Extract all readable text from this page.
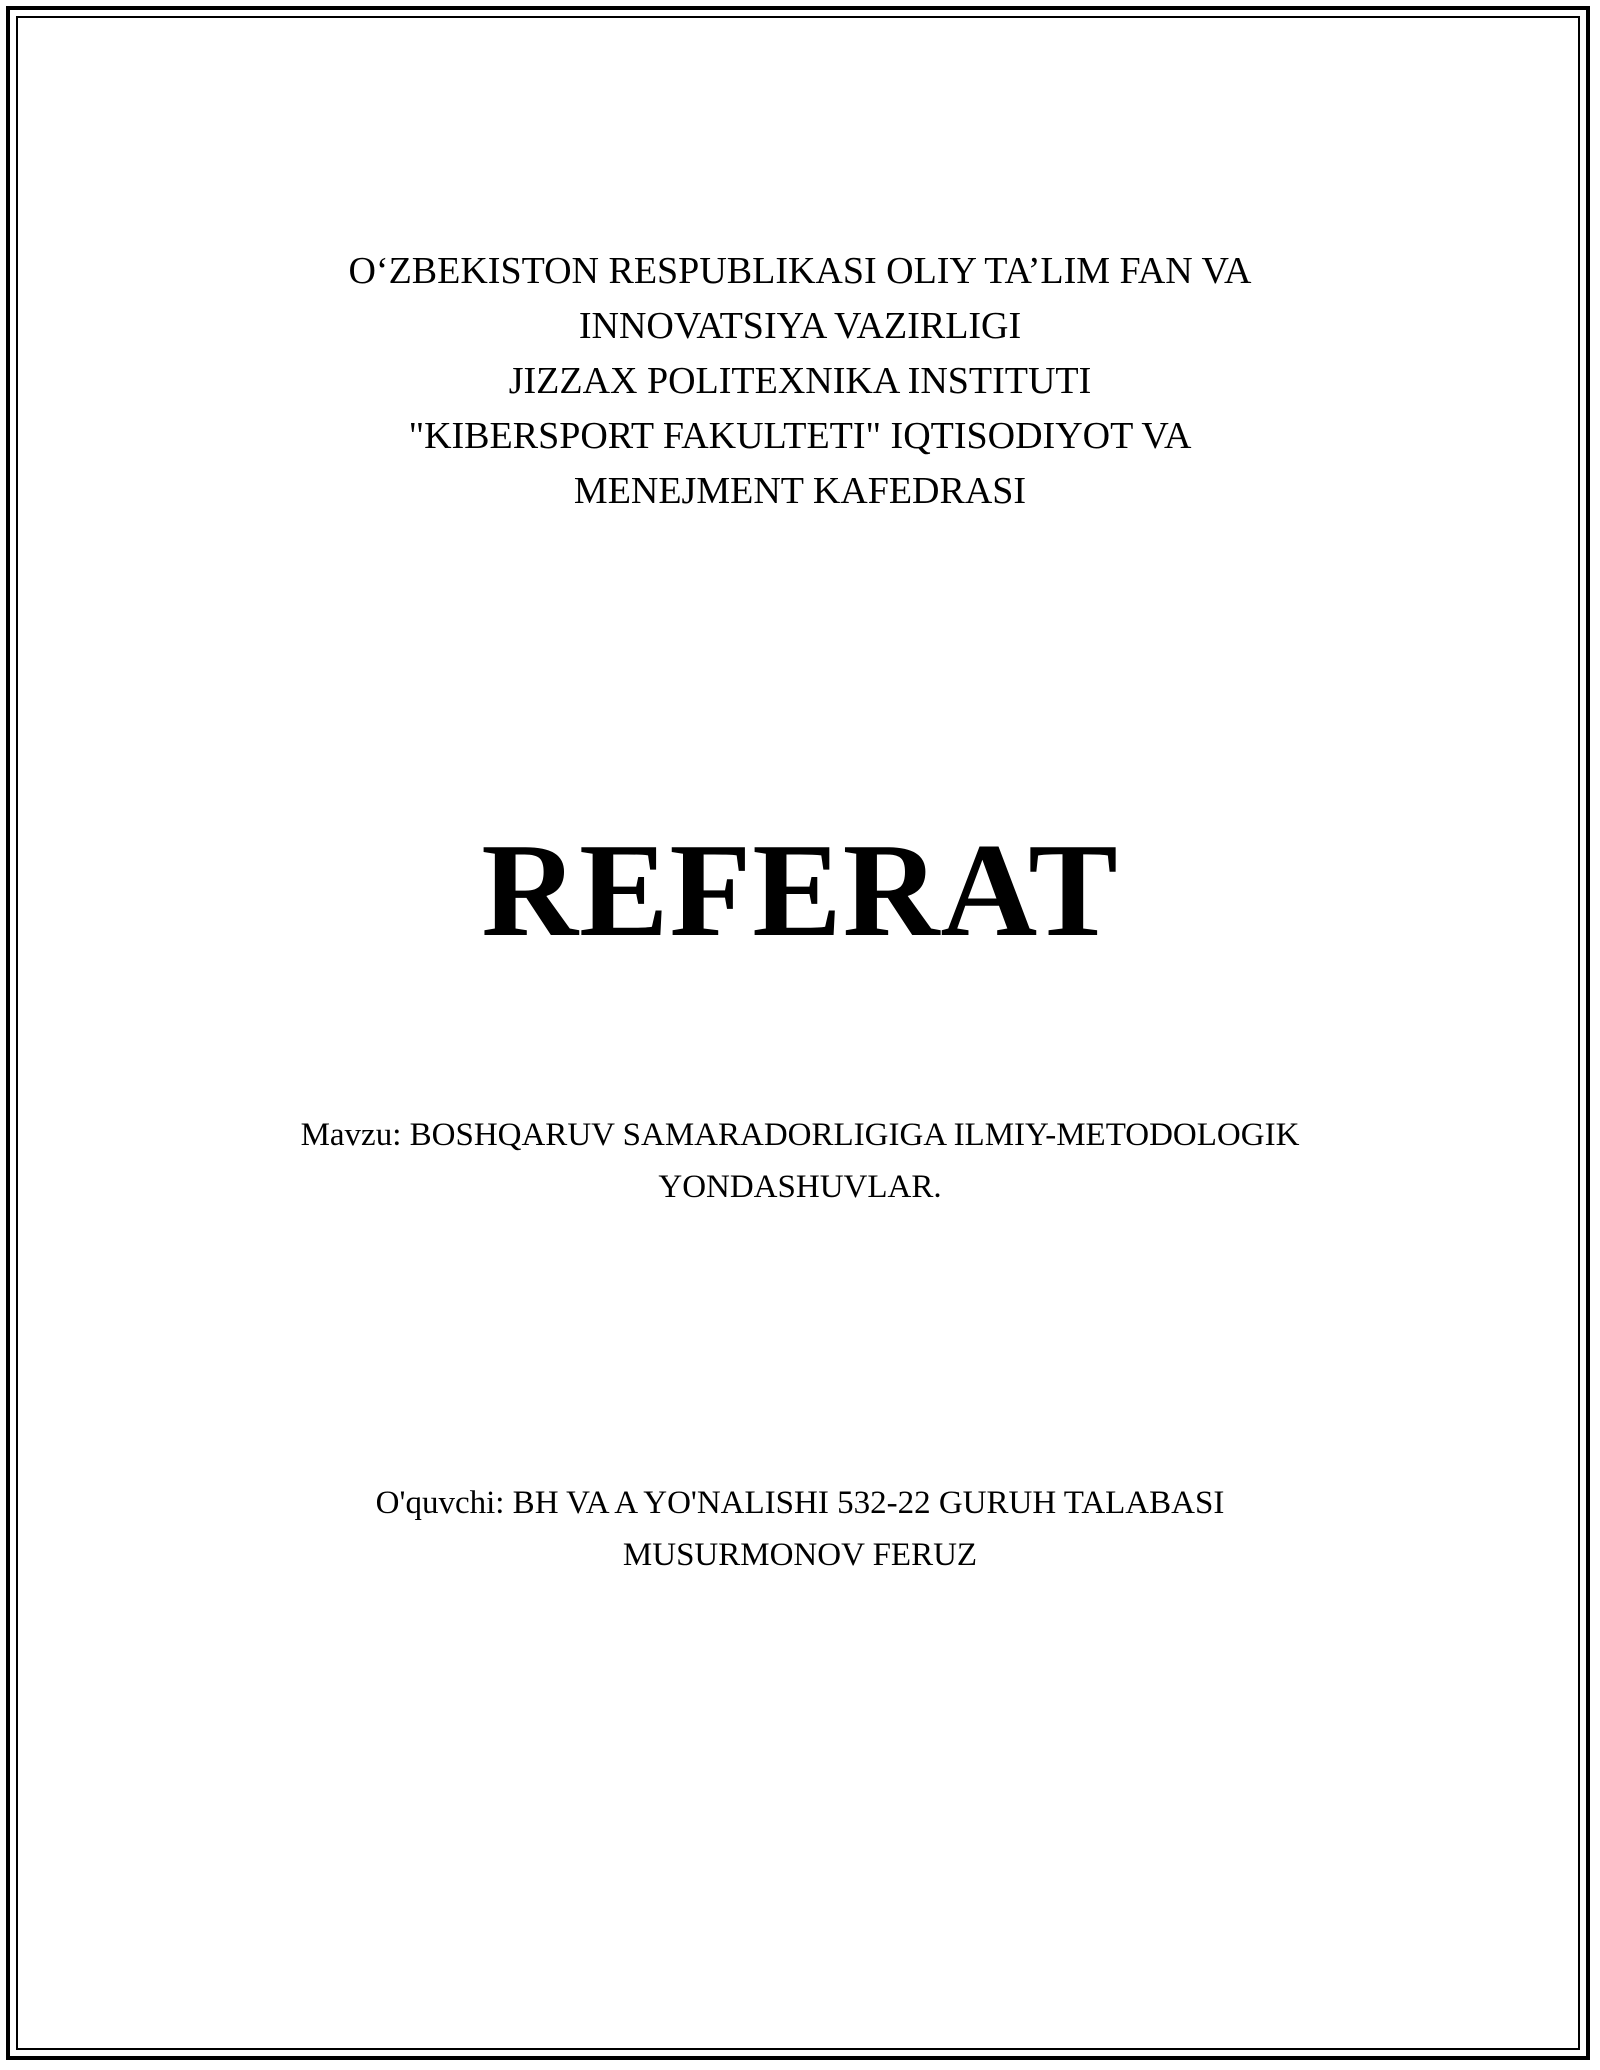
O‘ZBEKISTON RESPUBLIKASI OLIY TA’LIM FAN VA
INNOVATSIYA VAZIRLIGI
JIZZAX POLITEXNIKA INSTITUTI
"KIBERSPORT FAKULTETI" IQTISODIYOT VA
MENEJMENT KAFEDRASI
REFERAT
Mavzu: BOSHQARUV SAMARADORLIGIGA ILMIY-METODOLOGIK
YONDASHUVLAR.
O'quvchi: BH VA A YO'NALISHI 532-22 GURUH TALABASI
MUSURMONOV FERUZ
